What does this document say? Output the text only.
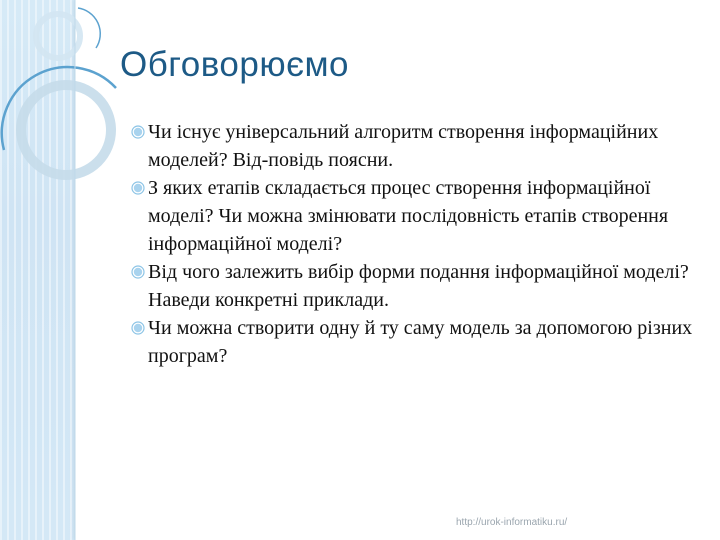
Обговорюємо
Чи існує універсальний алгоритм створення інформаційних моделей? Від-повідь поясни.
З яких етапів складається процес створення інформаційної моделі? Чи можна змінювати послідовність етапів створення інформаційної моделі?
Від чого залежить вибір форми подання інформаційної моделі? Наведи конкретні приклади.
Чи можна створити одну й ту саму модель за допомогою різних програм?
http://urok-informatiku.ru/
